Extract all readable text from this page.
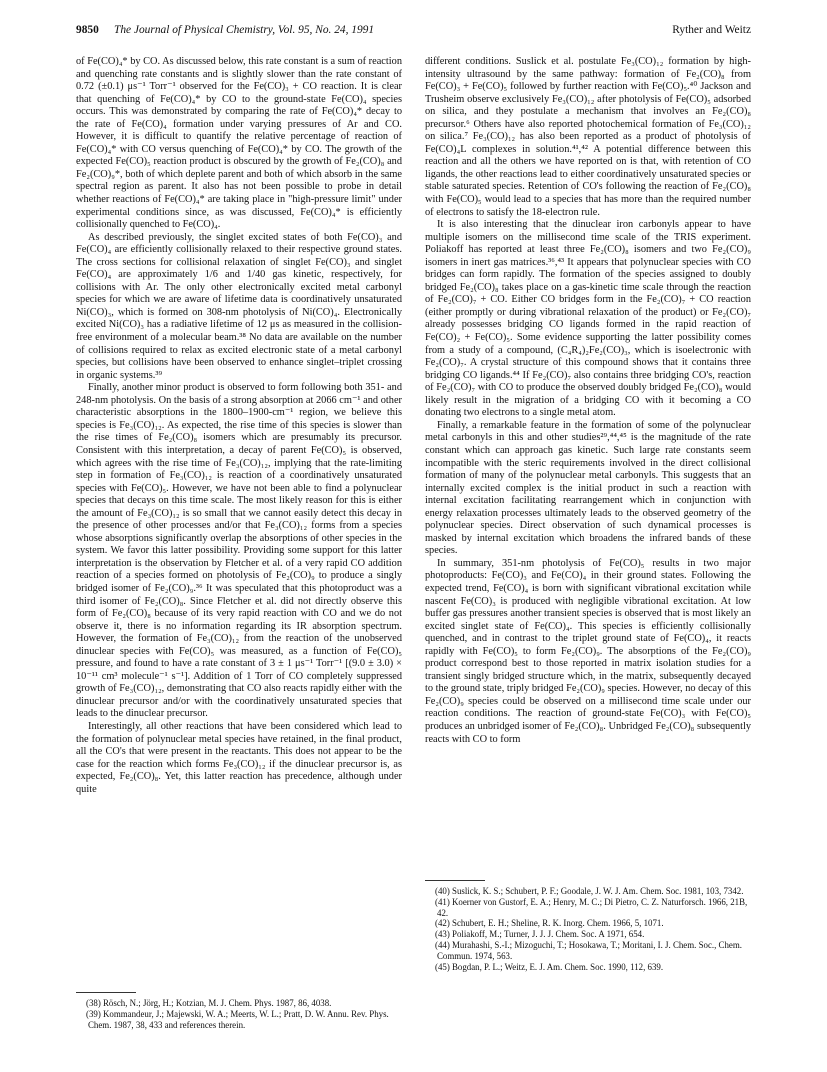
9850 The Journal of Physical Chemistry, Vol. 95, No. 24, 1991	Ryther and Weitz

of Fe(CO)₄* by CO. As discussed below, this rate constant is a sum of reaction and quenching rate constants and is slightly slower than the rate constant of 0.72 (±0.1) μs⁻¹ Torr⁻¹ observed for the Fe(CO)₃ + CO reaction. It is clear that quenching of Fe(CO)₄* by CO to the ground-state Fe(CO)₄ species occurs. This was demonstrated by comparing the rate of Fe(CO)₄* decay to the rate of Fe(CO)₄ formation under varying pressures of Ar and CO. However, it is difficult to quantify the relative percentage of reaction of Fe(CO)₄* with CO versus quenching of Fe(CO)₄* by CO. The growth of the expected Fe(CO)₅ reaction product is obscured by the growth of Fe₂(CO)₈ and Fe₂(CO)₉*, both of which deplete parent and both of which absorb in the same spectral region as parent. It also has not been possible to probe in detail whether reactions of Fe(CO)₄* are taking place in "high-pressure limit" under experimental conditions since, as was discussed, Fe(CO)₄* is efficiently collisionally quenched to Fe(CO)₄.

As described previously, the singlet excited states of both Fe(CO)₃ and Fe(CO)₄ are efficiently collisionally relaxed to their respective ground states. The cross sections for collisional relaxation of singlet Fe(CO)₃ and singlet Fe(CO)₄ are approximately 1/6 and 1/40 gas kinetic, respectively, for collisions with Ar. The only other electronically excited metal carbonyl species for which we are aware of lifetime data is coordinatively unsaturated Ni(CO)₃, which is formed on 308-nm photolysis of Ni(CO)₄. Electronically excited Ni(CO)₃ has a radiative lifetime of 12 μs as measured in the collision-free environment of a molecular beam.³⁸ No data are available on the number of collisions required to relax as excited electronic state of a metal carbonyl species, but collisions have been observed to enhance singlet–triplet crossing in organic systems.³⁹

Finally, another minor product is observed to form following both 351- and 248-nm photolysis. On the basis of a strong absorption at 2066 cm⁻¹ and other characteristic absorptions in the 1800–1900-cm⁻¹ region, we believe this species is Fe₃(CO)₁₂. As expected, the rise time of this species is slower than the rise times of Fe₂(CO)₈ isomers which are presumably its precursor. Consistent with this interpretation, a decay of parent Fe(CO)₅ is observed, which agrees with the rise time of Fe₃(CO)₁₂, implying that the rate-limiting step in formation of Fe₃(CO)₁₂ is reaction of a coordinatively unsaturated species with Fe(CO)₅. However, we have not been able to find a polynuclear species that decays on this time scale. The most likely reason for this is either the amount of Fe₃(CO)₁₂ is so small that we cannot easily detect this decay in the presence of other processes and/or that Fe₃(CO)₁₂ forms from a species whose absorptions significantly overlap the absorptions of other species in the system. We favor this latter possibility. Providing some support for this latter interpretation is the observation by Fletcher et al. of a very rapid CO addition reaction of a species formed on photolysis of Fe₂(CO)₉ to produce a singly bridged isomer of Fe₂(CO)₉.³⁶ It was speculated that this photoproduct was a third isomer of Fe₂(CO)₈. Since Fletcher et al. did not directly observe this form of Fe₂(CO)₈ because of its very rapid reaction with CO and we do not observe it, there is no information regarding its IR absorption spectrum. However, the formation of Fe₃(CO)₁₂ from the reaction of the unobserved dinuclear species with Fe(CO)₅ was measured, as a function of Fe(CO)₅ pressure, and found to have a rate constant of 3 ± 1 μs⁻¹ Torr⁻¹ [(9.0 ± 3.0) × 10⁻¹¹ cm³ molecule⁻¹ s⁻¹]. Addition of 1 Torr of CO completely suppressed growth of Fe₃(CO)₁₂, demonstrating that CO also reacts rapidly either with the dinuclear precursor and/or with the coordinatively unsaturated species that leads to the dinuclear precursor.

Interestingly, all other reactions that have been considered which lead to the formation of polynuclear metal species have retained, in the final product, all the CO's that were present in the reactants. This does not appear to be the case for the reaction which forms Fe₃(CO)₁₂ if the dinuclear precursor is, as expected, Fe₂(CO)₈. Yet, this latter reaction has precedence, although under quite

different conditions. Suslick et al. postulate Fe₃(CO)₁₂ formation by high-intensity ultrasound by the same pathway: formation of Fe₂(CO)₈ from Fe(CO)₃ + Fe(CO)₅ followed by further reaction with Fe(CO)₅.⁴⁰ Jackson and Trusheim observe exclusively Fe₃(CO)₁₂ after photolysis of Fe(CO)₅ adsorbed on silica, and they postulate a mechanism that involves an Fe₂(CO)₈ precursor.⁶ Others have also reported photochemical formation of Fe₃(CO)₁₂ on silica.⁷ Fe₃(CO)₁₂ has also been reported as a product of photolysis of Fe(CO)₄L complexes in solution.⁴¹,⁴² A potential difference between this reaction and all the others we have reported on is that, with retention of CO ligands, the other reactions lead to either coordinatively unsaturated species or stable saturated species. Retention of CO's following the reaction of Fe₂(CO)₈ with Fe(CO)₅ would lead to a species that has more than the required number of electrons to satisfy the 18-electron rule.

It is also interesting that the dinuclear iron carbonyls appear to have multiple isomers on the millisecond time scale of the TRIS experiment. Poliakoff has reported at least three Fe₂(CO)₈ isomers and two Fe₂(CO)₉ isomers in inert gas matrices.³⁶,⁴³ It appears that polynuclear species with CO bridges can form rapidly. The formation of the species assigned to doubly bridged Fe₂(CO)₈ takes place on a gas-kinetic time scale through the reaction of Fe₂(CO)₇ + CO. Either CO bridges form in the Fe₂(CO)₇ + CO reaction (either promptly or during vibrational relaxation of the product) or Fe₂(CO)₇ already possesses bridging CO ligands formed in the rapid reaction of Fe(CO)₂ + Fe(CO)₅. Some evidence supporting the latter possibility comes from a study of a compound, (C₄R₄)₂Fe₂(CO)₃, which is isoelectronic with Fe₂(CO)₇. A crystal structure of this compound shows that it contains three bridging CO ligands.⁴⁴ If Fe₂(CO)₇ also contains three bridging CO's, reaction of Fe₂(CO)₇ with CO to produce the observed doubly bridged Fe₂(CO)₈ would likely result in the migration of a bridging CO with it becoming a CO donating two electrons to a single metal atom.

Finally, a remarkable feature in the formation of some of the polynuclear metal carbonyls in this and other studies²⁹,⁴⁴,⁴⁵ is the magnitude of the rate constant which can approach gas kinetic. Such large rate constants seem incompatible with the steric requirements involved in the direct collisional formation of many of the polynuclear metal carbonyls. This suggests that an internally excited complex is the initial product in such a reaction with internal excitation facilitating rearrangement which in conjunction with energy relaxation processes ultimately leads to the observed geometry of the polynuclear species. Direct observation of such dynamical processes is masked by internal excitation which broadens the infrared bands of these species.

In summary, 351-nm photolysis of Fe(CO)₅ results in two major photoproducts: Fe(CO)₃ and Fe(CO)₄ in their ground states. Following the expected trend, Fe(CO)₄ is born with significant vibrational excitation while nascent Fe(CO)₃ is produced with negligible vibrational excitation. At low buffer gas pressures another transient species is observed that is most likely an excited singlet state of Fe(CO)₄. This species is efficiently collisionally quenched, and in contrast to the triplet ground state of Fe(CO)₄, it reacts rapidly with Fe(CO)₅ to form Fe₂(CO)₉. The absorptions of the Fe₂(CO)₉ product correspond best to those reported in matrix isolation studies for a transient singly bridged structure which, in the matrix, subsequently decayed to the ground state, triply bridged Fe₂(CO)₉ species. However, no decay of this Fe₂(CO)₉ species could be observed on a millisecond time scale under our reaction conditions. The reaction of ground-state Fe(CO)₃ with Fe(CO)₅ produces an unbridged isomer of Fe₂(CO)₈. Unbridged Fe₂(CO)₈ subsequently reacts with CO to form

(38) Rösch, N.; Jörg, H.; Kotzian, M. J. Chem. Phys. 1987, 86, 4038.
(39) Kommandeur, J.; Majewski, W. A.; Meerts, W. L.; Pratt, D. W. Annu. Rev. Phys. Chem. 1987, 38, 433 and references therein.
(40) Suslick, K. S.; Schubert, P. F.; Goodale, J. W. J. Am. Chem. Soc. 1981, 103, 7342.
(41) Koerner von Gustorf, E. A.; Henry, M. C.; Di Pietro, C. Z. Naturforsch. 1966, 21B, 42.
(42) Schubert, E. H.; Sheline, R. K. Inorg. Chem. 1966, 5, 1071.
(43) Poliakoff, M.; Turner, J. J. J. Chem. Soc. A 1971, 654.
(44) Murahashi, S.-I.; Mizoguchi, T.; Hosokawa, T.; Moritani, I. J. Chem. Soc., Chem. Commun. 1974, 563.
(45) Bogdan, P. L.; Weitz, E. J. Am. Chem. Soc. 1990, 112, 639.
